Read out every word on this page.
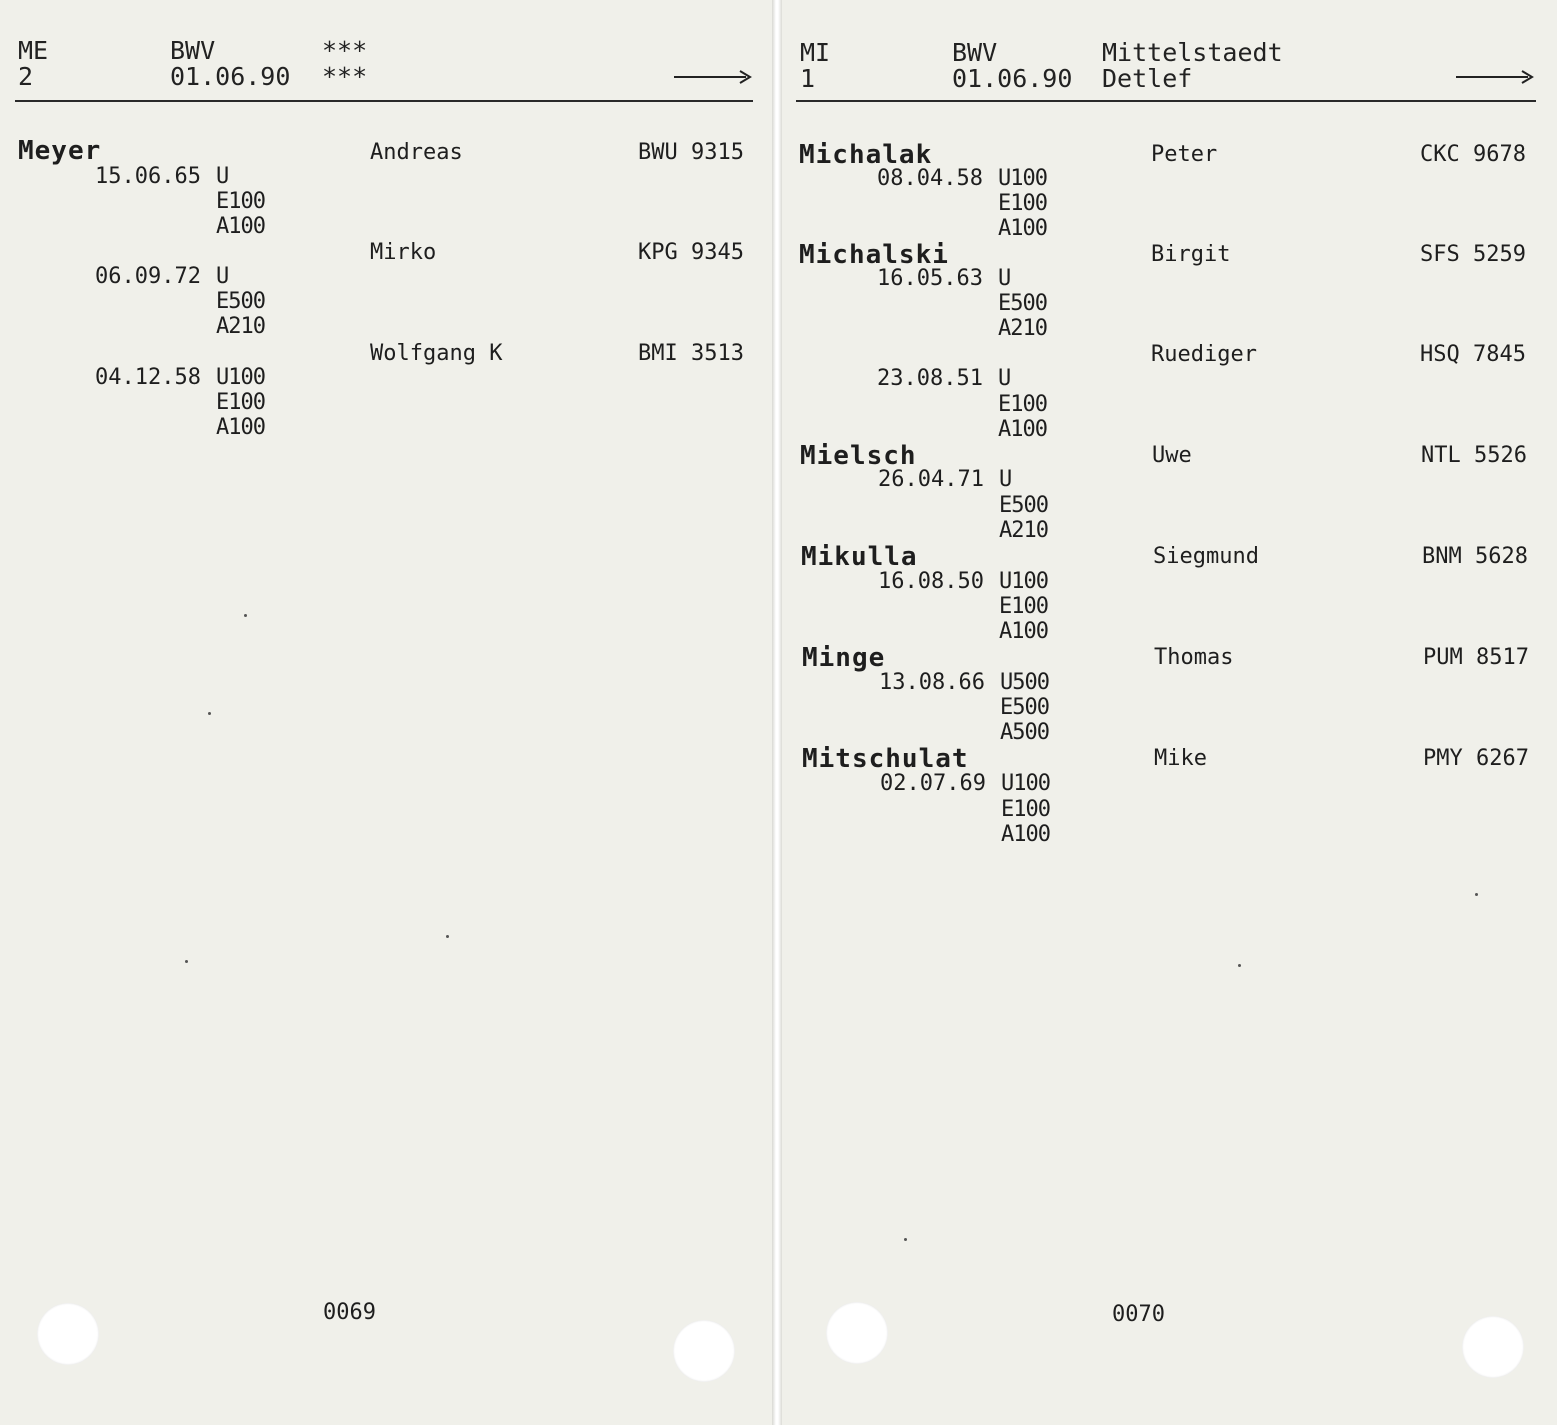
ME
2
BWV
01.06.90
***
***
Meyer	Andreas	BWU 9315
15.06.65 U
E100
A100
Mirko	KPG 9345
06.09.72 U
E500
A210
Wolfgang K	BMI 3513
04.12.58 U100
E100
A100
0069
MI
1
BWV
01.06.90
Mittelstaedt
Detlef
Michalak	Peter	CKC 9678
08.04.58 U100
E100
A100
Michalski	Birgit	SFS 5259
16.05.63 U
E500
A210
Ruediger	HSQ 7845
23.08.51 U
E100
A100
Mielsch	Uwe	NTL 5526
26.04.71 U
E500
A210
Mikulla	Siegmund	BNM 5628
16.08.50 U100
E100
A100
Minge	Thomas	PUM 8517
13.08.66 U500
E500
A500
Mitschulat	Mike	PMY 6267
02.07.69 U100
E100
A100
0070
